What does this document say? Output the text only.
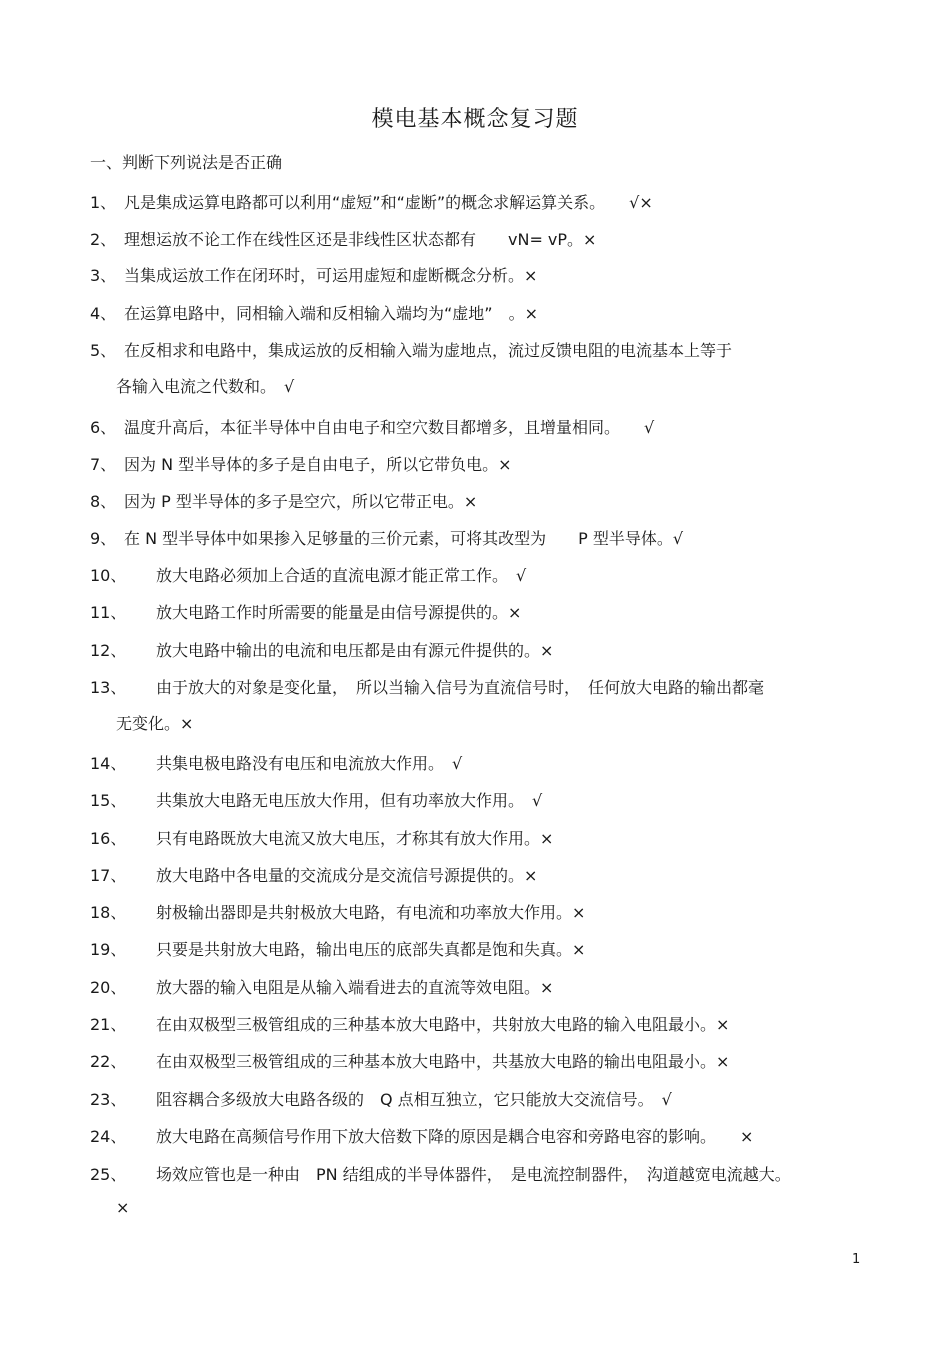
模电基本概念复习题
一、判断下列说法是否正确
1、 凡是集成运算电路都可以利用“虚短”和“虚断”的概念求解运算关系。　　√×
2、 理想运放不论工作在线性区还是非线性区状态都有　　vN= vP。×
3、 当集成运放工作在闭环时，可运用虚短和虚断概念分析。×
4、 在运算电路中，同相输入端和反相输入端均为“虚地”　。×
5、 在反相求和电路中，集成运放的反相输入端为虚地点，流过反馈电阻的电流基本上等于
各输入电流之代数和。　√
6、 温度升高后，本征半导体中自由电子和空穴数目都增多，且增量相同。　　√
7、 因为 N 型半导体的多子是自由电子，所以它带负电。×
8、 因为 P 型半导体的多子是空穴，所以它带正电。×
9、 在 N 型半导体中如果掺入足够量的三价元素，可将其改型为　　P 型半导体。√
10、 放大电路必须加上合适的直流电源才能正常工作。　√
11、 放大电路工作时所需要的能量是由信号源提供的。×
12、 放大电路中输出的电流和电压都是由有源元件提供的。×
13、 由于放大的对象是变化量，　所以当输入信号为直流信号时，　任何放大电路的输出都毫
无变化。×
14、 共集电极电路没有电压和电流放大作用。　√
15、 共集放大电路无电压放大作用，但有功率放大作用。　√
16、 只有电路既放大电流又放大电压，才称其有放大作用。×
17、 放大电路中各电量的交流成分是交流信号源提供的。×
18、 射极输出器即是共射极放大电路，有电流和功率放大作用。×
19、 只要是共射放大电路，输出电压的底部失真都是饱和失真。×
20、 放大器的输入电阻是从输入端看进去的直流等效电阻。×
21、 在由双极型三极管组成的三种基本放大电路中，共射放大电路的输入电阻最小。×
22、 在由双极型三极管组成的三种基本放大电路中，共基放大电路的输出电阻最小。×
23、 阻容耦合多级放大电路各级的　Q 点相互独立，它只能放大交流信号。　√
24、 放大电路在高频信号作用下放大倍数下降的原因是耦合电容和旁路电容的影响。　　×
25、 场效应管也是一种由　PN 结组成的半导体器件，　是电流控制器件，　沟道越宽电流越大。
×
1
